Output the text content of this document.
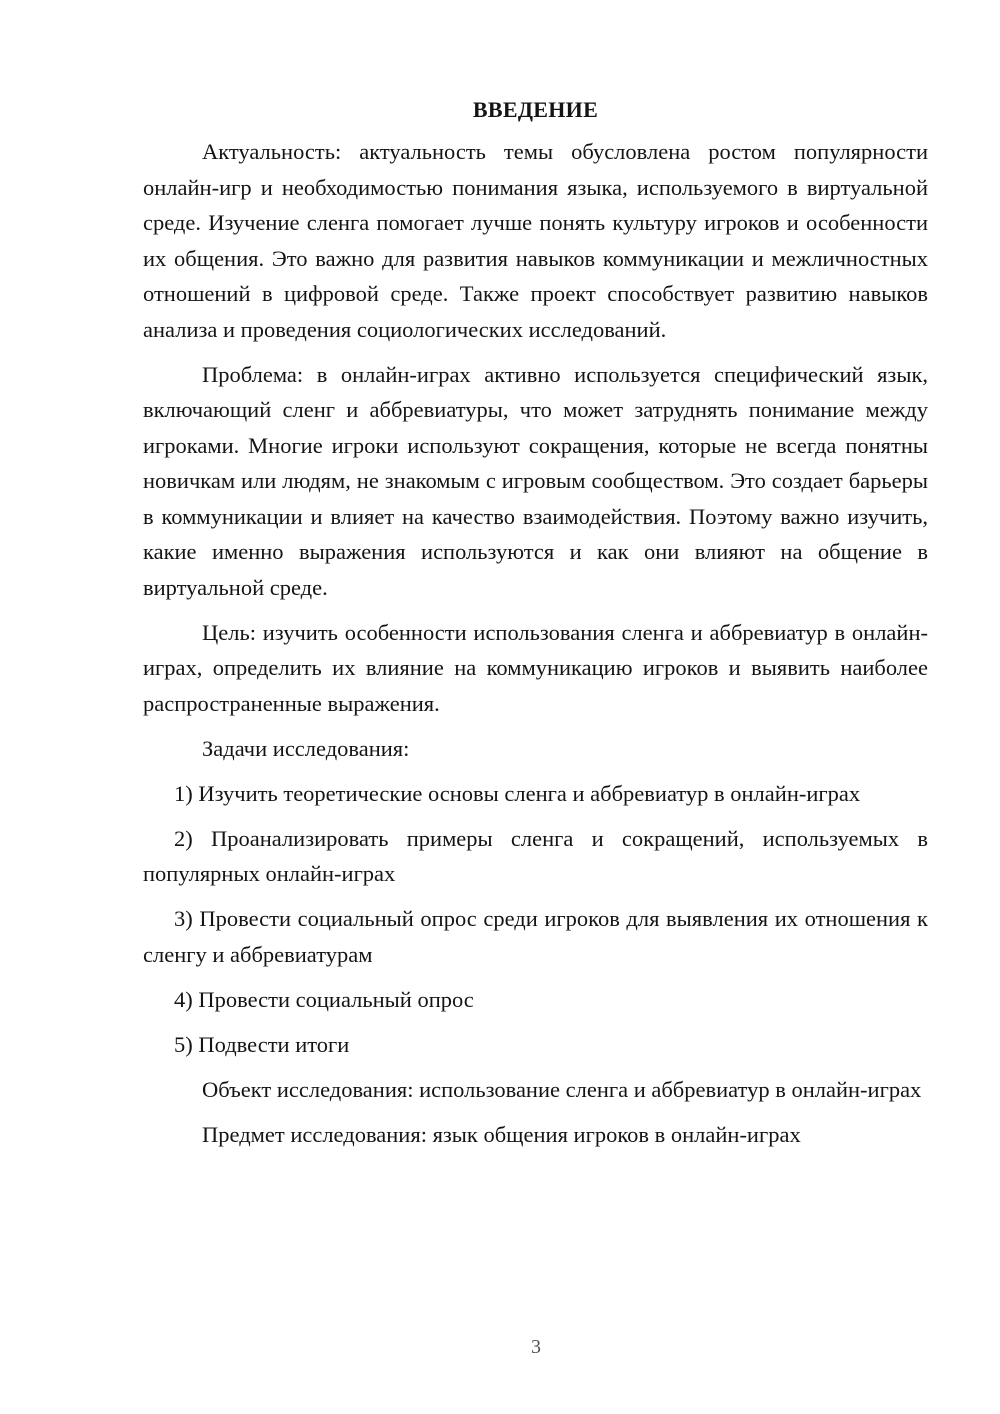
ВВЕДЕНИЕ

Актуальность: актуальность темы обусловлена ростом популярности онлайн-игр и необходимостью понимания языка, используемого в виртуальной среде. Изучение сленга помогает лучше понять культуру игроков и особенности их общения. Это важно для развития навыков коммуникации и межличностных отношений в цифровой среде. Также проект способствует развитию навыков анализа и проведения социологических исследований.

Проблема: в онлайн-играх активно используется специфический язык, включающий сленг и аббревиатуры, что может затруднять понимание между игроками. Многие игроки используют сокращения, которые не всегда понятны новичкам или людям, не знакомым с игровым сообществом. Это создает барьеры в коммуникации и влияет на качество взаимодействия. Поэтому важно изучить, какие именно выражения используются и как они влияют на общение в виртуальной среде.

Цель: изучить особенности использования сленга и аббревиатур в онлайн-играх, определить их влияние на коммуникацию игроков и выявить наиболее распространенные выражения.

Задачи исследования:

1) Изучить теоретические основы сленга и аббревиатур в онлайн-играх

2) Проанализировать примеры сленга и сокращений, используемых в популярных онлайн-играх

3) Провести социальный опрос среди игроков для выявления их отношения к сленгу и аббревиатурам

4) Провести социальный опрос

5) Подвести итоги

Объект исследования: использование сленга и аббревиатур в онлайн-играх

Предмет исследования: язык общения игроков в онлайн-играх

3
